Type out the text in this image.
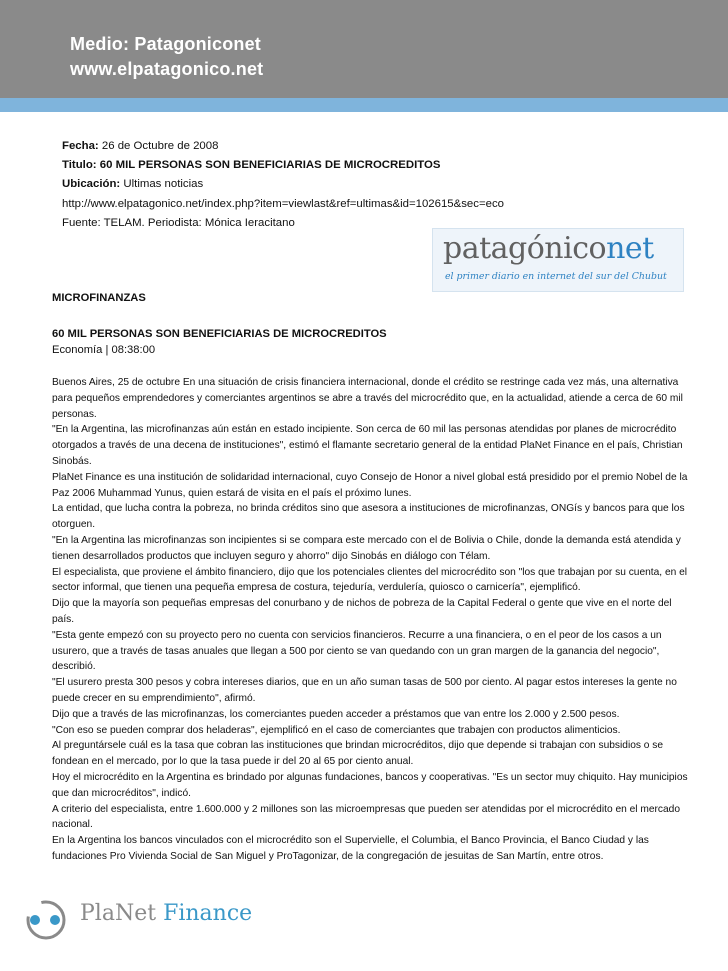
Medio: Patagoniconet
www.elpatagonico.net
Fecha: 26 de Octubre de 2008
Titulo: 60 MIL PERSONAS SON BENEFICIARIAS DE MICROCREDITOS
Ubicación: Ultimas noticias
http://www.elpatagonico.net/index.php?item=viewlast&ref=ultimas&id=102615&sec=eco
Fuente: TELAM. Periodista: Mónica Ieracitano
patagóniconet
el primer diario en internet del sur del Chubut
MICROFINANZAS
60 MIL PERSONAS SON BENEFICIARIAS DE MICROCREDITOS
Economía | 08:38:00

Buenos Aires, 25 de octubre En una situación de crisis financiera internacional, donde el crédito se restringe cada vez más, una alternativa para pequeños emprendedores y comerciantes argentinos se abre a través del microcrédito que, en la actualidad, atiende a cerca de 60 mil personas.

"En la Argentina, las microfinanzas aún están en estado incipiente. Son cerca de 60 mil las personas atendidas por planes de microcrédito otorgados a través de una decena de instituciones", estimó el flamante secretario general de la entidad PlaNet Finance en el país, Christian Sinobás.

PlaNet Finance es una institución de solidaridad internacional, cuyo Consejo de Honor a nivel global está presidido por el premio Nobel de la Paz 2006 Muhammad Yunus, quien estará de visita en el país el próximo lunes.

La entidad, que lucha contra la pobreza, no brinda créditos sino que asesora a instituciones de microfinanzas, ONGís y bancos para que los otorguen.

"En la Argentina las microfinanzas son incipientes si se compara este mercado con el de Bolivia o Chile, donde la demanda está atendida y tienen desarrollados productos que incluyen seguro y ahorro" dijo Sinobás en diálogo con Télam.

El especialista, que proviene el ámbito financiero, dijo que los potenciales clientes del microcrédito son "los que trabajan por su cuenta, en el sector informal, que tienen una pequeña empresa de costura, tejeduría, verdulería, quiosco o carnicería", ejemplificó.

Dijo que la mayoría son pequeñas empresas del conurbano y de nichos de pobreza de la Capital Federal o gente que vive en el norte del país.

"Esta gente empezó con su proyecto pero no cuenta con servicios financieros. Recurre a una financiera, o en el peor de los casos a un usurero, que a través de tasas anuales que llegan a 500 por ciento se van quedando con un gran margen de la ganancia del negocio", describió.

"El usurero presta 300 pesos y cobra intereses diarios, que en un año suman tasas de 500 por ciento. Al pagar estos intereses la gente no puede crecer en su emprendimiento", afirmó.

Dijo que a través de las microfinanzas, los comerciantes pueden acceder a préstamos que van entre los 2.000 y 2.500 pesos.

"Con eso se pueden comprar dos heladeras", ejemplificó en el caso de comerciantes que trabajen con productos alimenticios.

Al preguntársele cuál es la tasa que cobran las instituciones que brindan microcréditos, dijo que depende si trabajan con subsidios o se fondean en el mercado, por lo que la tasa puede ir del 20 al 65 por ciento anual.

Hoy el microcrédito en la Argentina es brindado por algunas fundaciones, bancos y cooperativas. "Es un sector muy chiquito. Hay municipios que dan microcréditos", indicó.

A criterio del especialista, entre 1.600.000 y 2 millones son las microempresas que pueden ser atendidas por el microcrédito en el mercado nacional.

En la Argentina los bancos vinculados con el microcrédito son el Supervielle, el Columbia, el Banco Provincia, el Banco Ciudad y las fundaciones Pro Vivienda Social de San Miguel y ProTagonizar, de la congregación de jesuitas de San Martín, entre otros.

PlaNet Finance
